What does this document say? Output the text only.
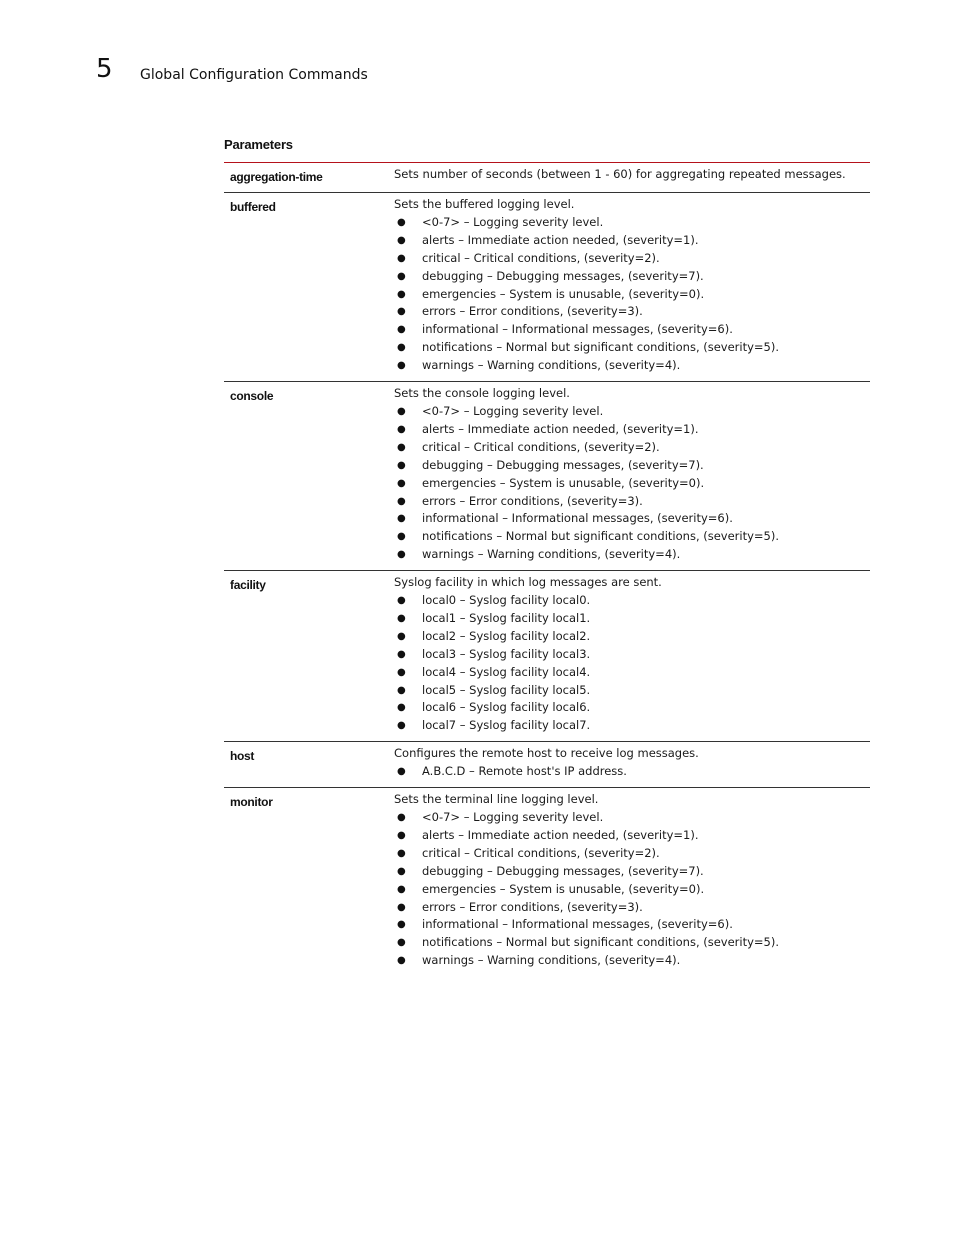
5 Global Configuration Commands
Parameters
aggregation-time	Sets number of seconds (between 1 - 60) for aggregating repeated messages.
buffered	Sets the buffered logging level.
● <0-7> – Logging severity level.
● alerts – Immediate action needed, (severity=1).
● critical – Critical conditions, (severity=2).
● debugging – Debugging messages, (severity=7).
● emergencies – System is unusable, (severity=0).
● errors – Error conditions, (severity=3).
● informational – Informational messages, (severity=6).
● notifications – Normal but significant conditions, (severity=5).
● warnings – Warning conditions, (severity=4).
console	Sets the console logging level.
● <0-7> – Logging severity level.
● alerts – Immediate action needed, (severity=1).
● critical – Critical conditions, (severity=2).
● debugging – Debugging messages, (severity=7).
● emergencies – System is unusable, (severity=0).
● errors – Error conditions, (severity=3).
● informational – Informational messages, (severity=6).
● notifications – Normal but significant conditions, (severity=5).
● warnings – Warning conditions, (severity=4).
facility	Syslog facility in which log messages are sent.
● local0 – Syslog facility local0.
● local1 – Syslog facility local1.
● local2 – Syslog facility local2.
● local3 – Syslog facility local3.
● local4 – Syslog facility local4.
● local5 – Syslog facility local5.
● local6 – Syslog facility local6.
● local7 – Syslog facility local7.
host	Configures the remote host to receive log messages.
● A.B.C.D – Remote host's IP address.
monitor	Sets the terminal line logging level.
● <0-7> – Logging severity level.
● alerts – Immediate action needed, (severity=1).
● critical – Critical conditions, (severity=2).
● debugging – Debugging messages, (severity=7).
● emergencies – System is unusable, (severity=0).
● errors – Error conditions, (severity=3).
● informational – Informational messages, (severity=6).
● notifications – Normal but significant conditions, (severity=5).
● warnings – Warning conditions, (severity=4).
